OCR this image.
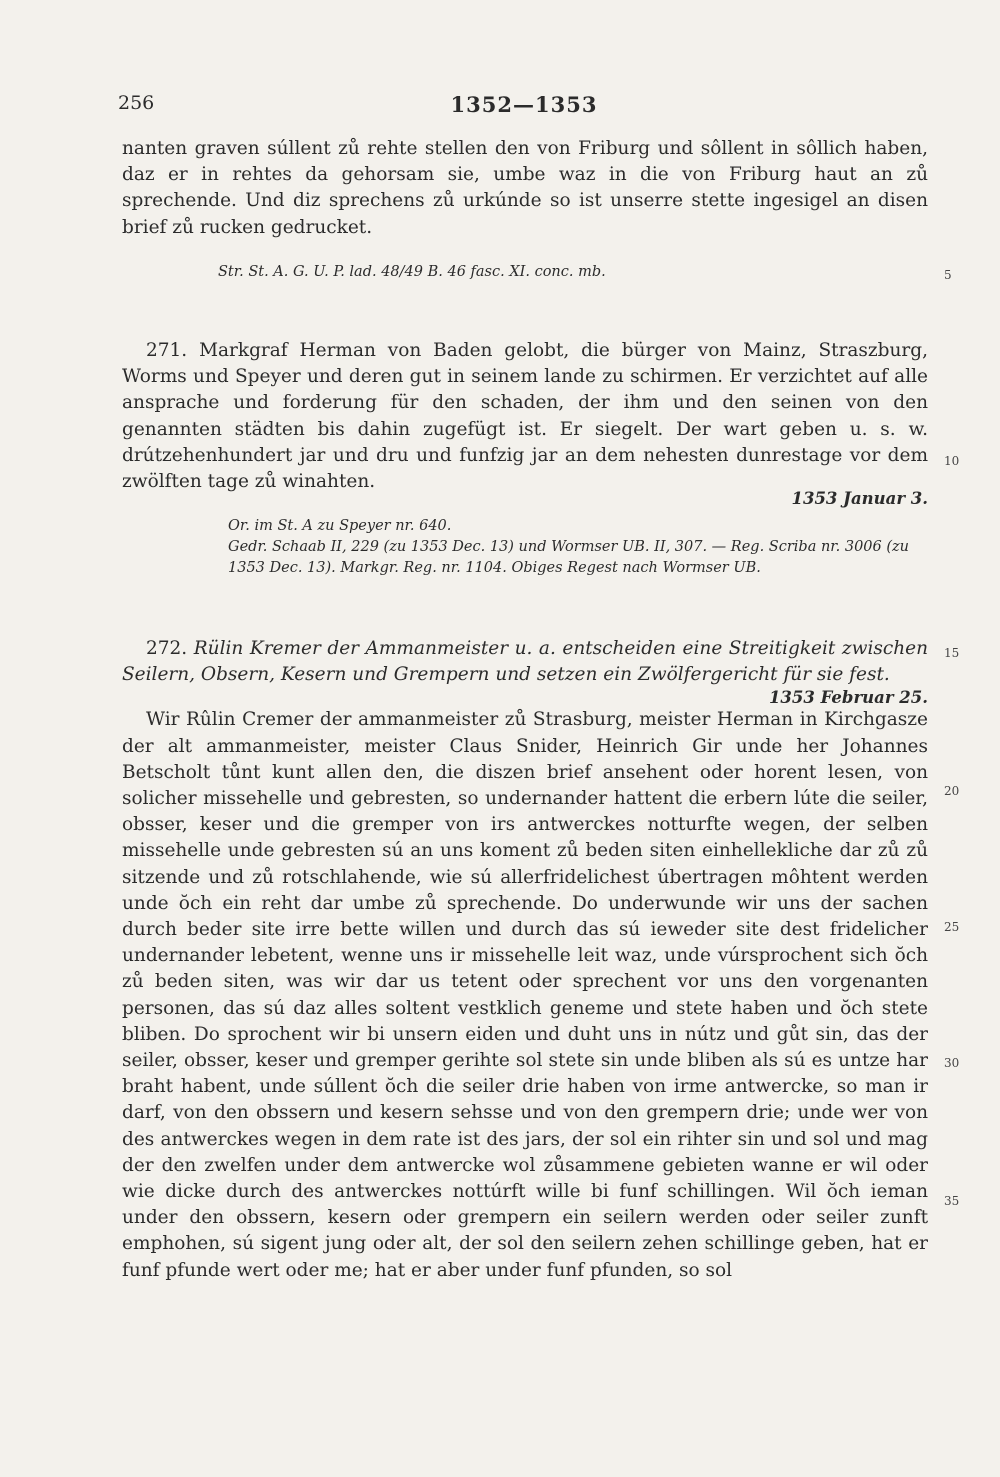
256	1352—1353

nanten graven súllent zů rehte stellen den von Friburg und sôllent in sôllich haben, daz er in rehtes da gehorsam sie, umbe waz in die von Friburg haut an zů sprechende. Und diz sprechens zů urkúnde so ist unserre stette ingesigel an disen brief zů rucken gedrucket.

Str. St. A. G. U. P. lad. 48/49 B. 46 fasc. XI. conc. mb.

271. Markgraf Herman von Baden gelobt, die bürger von Mainz, Straszburg, Worms und Speyer und deren gut in seinem lande zu schirmen. Er verzichtet auf alle ansprache und forderung für den schaden, der ihm und den seinen von den genannten städten bis dahin zugefügt ist. Er siegelt. Der wart geben u. s. w. drútzehenhundert jar und dru und funfzig jar an dem nehesten dunrestage vor dem zwölften tage zů winahten.

1353 Januar 3.

Or. im St. A zu Speyer nr. 640.

Gedr. Schaab II, 229 (zu 1353 Dec. 13) und Wormser UB. II, 307. — Reg. Scriba nr. 3006 (zu 1353 Dec. 13). Markgr. Reg. nr. 1104. Obiges Regest nach Wormser UB.

272. Rülin Kremer der Ammanmeister u. a. entscheiden eine Streitigkeit zwischen Seilern, Obsern, Kesern und Grempern und setzen ein Zwölfergericht für sie fest.

1353 Februar 25.

Wir Rûlin Cremer der ammanmeister zů Strasburg, meister Herman in Kirchgasze der alt ammanmeister, meister Claus Snider, Heinrich Gir unde her Johannes Betscholt tůnt kunt allen den, die diszen brief ansehent oder horent lesen, von solicher missehelle und gebresten, so undernander hattent die erbern lúte die seiler, obsser, keser und die gremper von irs antwerckes notturfte wegen, der selben missehelle unde gebresten sú an uns koment zů beden siten einhellekliche dar zů zů sitzende und zů rotschlahende, wie sú allerfridelichest úbertragen môhtent werden unde ŏch ein reht dar umbe zů sprechende. Do underwunde wir uns der sachen durch beder site irre bette willen und durch das sú ieweder site dest fridelicher undernander lebetent, wenne uns ir missehelle leit waz, unde vúrsprochent sich ŏch zů beden siten, was wir dar us tetent oder sprechent vor uns den vorgenanten personen, das sú daz alles soltent vestklich geneme und stete haben und ŏch stete bliben. Do sprochent wir bi unsern eiden und duht uns in nútz und gůt sin, das der seiler, obsser, keser und gremper gerihte sol stete sin unde bliben als sú es untze har braht habent, unde súllent ŏch die seiler drie haben von irme antwercke, so man ir darf, von den obssern und kesern sehsse und von den grempern drie; unde wer von des antwerckes wegen in dem rate ist des jars, der sol ein rihter sin und sol und mag der den zwelfen under dem antwercke wol zůsammene gebieten wanne er wil oder wie dicke durch des antwerckes nottúrft wille bi funf schillingen. Wil ŏch ieman under den obssern, kesern oder grempern ein seilern werden oder seiler zunft emphohen, sú sigent jung oder alt, der sol den seilern zehen schillinge geben, hat er funf pfunde wert oder me; hat er aber under funf pfunden, so sol

5
10
15
20
25
30
35
